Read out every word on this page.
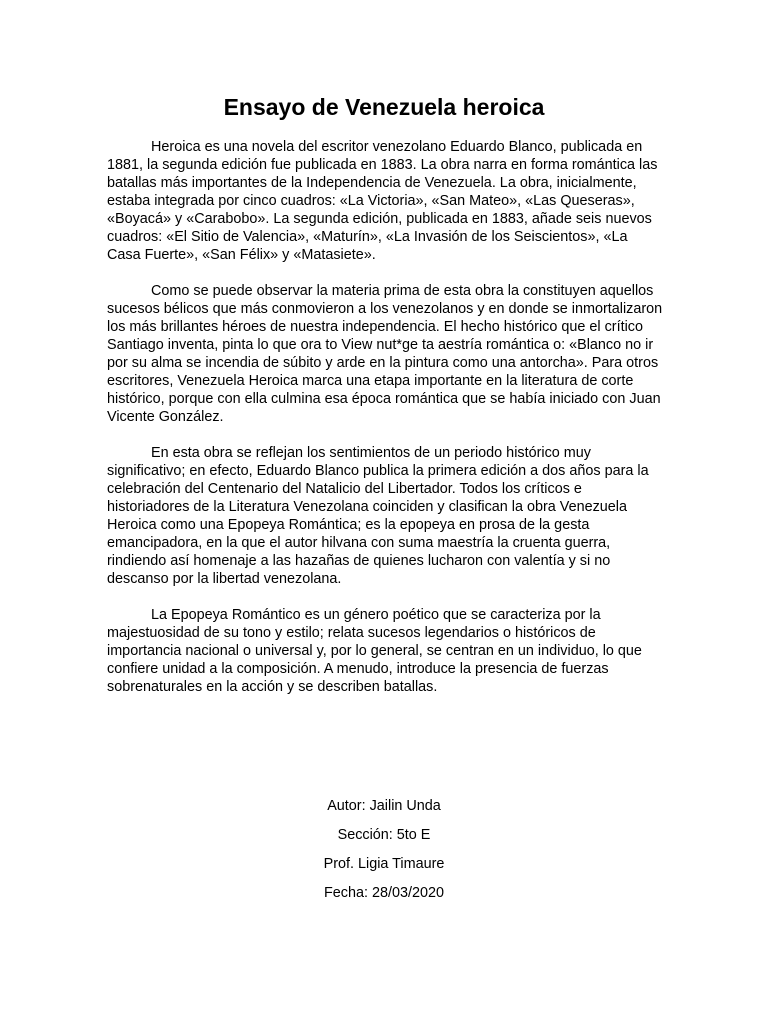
Ensayo de Venezuela heroica

Heroica es una novela del escritor venezolano Eduardo Blanco, publicada en 1881, la segunda edición fue publicada en 1883. La obra narra en forma romántica las batallas más importantes de la Independencia de Venezuela. La obra, inicialmente, estaba integrada por cinco cuadros: «La Victoria», «San Mateo», «Las Queseras», «Boyacá» y «Carabobo». La segunda edición, publicada en 1883, añade seis nuevos cuadros: «El Sitio de Valencia», «Maturín», «La Invasión de los Seiscientos», «La Casa Fuerte», «San Félix» y «Matasiete».

Como se puede observar la materia prima de esta obra la constituyen aquellos sucesos bélicos que más conmovieron a los venezolanos y en donde se inmortalizaron los más brillantes héroes de nuestra independencia. El hecho histórico que el crítico Santiago inventa, pinta lo que ora to View nut*ge ta aestría romántica o: «Blanco no ir por su alma se incendia de súbito y arde en la pintura como una antorcha». Para otros escritores, Venezuela Heroica marca una etapa importante en la literatura de corte histórico, porque con ella culmina esa época romántica que se había iniciado con Juan Vicente González.

En esta obra se reflejan los sentimientos de un periodo histórico muy significativo; en efecto, Eduardo Blanco publica la primera edición a dos años para la celebración del Centenario del Natalicio del Libertador. Todos los críticos e historiadores de la Literatura Venezolana coinciden y clasifican la obra Venezuela Heroica como una Epopeya Romántica; es la epopeya en prosa de la gesta emancipadora, en la que el autor hilvana con suma maestría la cruenta guerra, rindiendo así homenaje a las hazañas de quienes lucharon con valentía y si no descanso por la libertad venezolana.

La Epopeya Romántico es un género poético que se caracteriza por la majestuosidad de su tono y estilo; relata sucesos legendarios o históricos de importancia nacional o universal y, por lo general, se centran en un individuo, lo que confiere unidad a la composición. A menudo, introduce la presencia de fuerzas sobrenaturales en la acción y se describen batallas.

Autor: Jailin Unda
Sección: 5to E
Prof. Ligia Timaure
Fecha: 28/03/2020
